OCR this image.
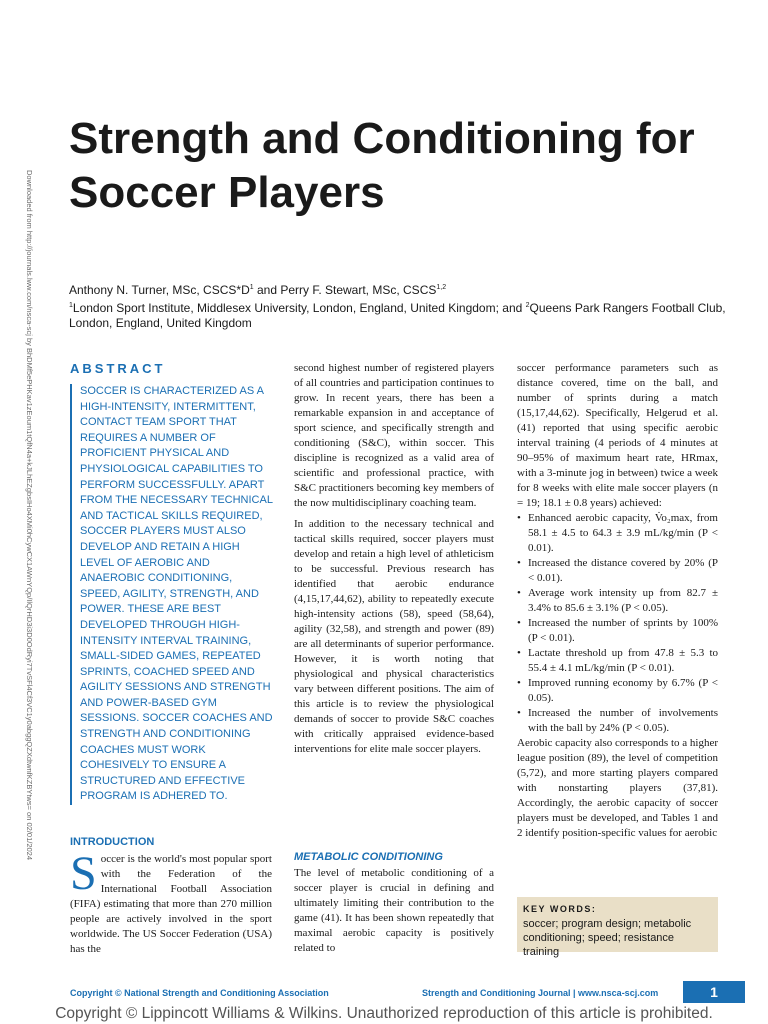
Downloaded from http://journals.lww.com/nsca-scj by BhDMf5ePHKav1zEoum1tQfN4a+kJLhEZgbsIHo4XMi0hCywCX1AWnYQp/IlQrHD3i3D0OdRyi7TvSFl4Cf3VC1y0abggQZXdtwnfKZBYtws= on 02/01/2024
Strength and Conditioning for Soccer Players
Anthony N. Turner, MSc, $CSCS*D^1$ and Perry F. Stewart, MSc, CSCS$^{1,2}$
$^1$London Sport Institute, Middlesex University, London, England, United Kingdom; and $^2$Queens Park Rangers Football Club, London, England, United Kingdom
ABSTRACT
SOCCER IS CHARACTERIZED AS A HIGH-INTENSITY, INTERMITTENT, CONTACT TEAM SPORT THAT REQUIRES A NUMBER OF PROFICIENT PHYSICAL AND PHYSIOLOGICAL CAPABILITIES TO PERFORM SUCCESSFULLY. APART FROM THE NECESSARY TECHNICAL AND TACTICAL SKILLS REQUIRED, SOCCER PLAYERS MUST ALSO DEVELOP AND RETAIN A HIGH LEVEL OF AEROBIC AND ANAEROBIC CONDITIONING, SPEED, AGILITY, STRENGTH, AND POWER. THESE ARE BEST DEVELOPED THROUGH HIGH-INTENSITY INTERVAL TRAINING, SMALL-SIDED GAMES, REPEATED SPRINTS, COACHED SPEED AND AGILITY SESSIONS AND STRENGTH AND POWER-BASED GYM SESSIONS. SOCCER COACHES AND STRENGTH AND CONDITIONING COACHES MUST WORK COHESIVELY TO ENSURE A STRUCTURED AND EFFECTIVE PROGRAM IS ADHERED TO.
INTRODUCTION
Soccer is the world's most popular sport with the Federation of the International Football Association (FIFA) estimating that more than 270 million people are actively involved in the sport worldwide. The US Soccer Federation (USA) has the

second highest number of registered players of all countries and participation continues to grow. In recent years, there has been a remarkable expansion in and acceptance of sport science, and specifically strength and conditioning (S&C), within soccer. This discipline is recognized as a valid area of scientific and professional practice, with S&C practitioners becoming key members of the now multidisciplinary coaching team.

In addition to the necessary technical and tactical skills required, soccer players must develop and retain a high level of athleticism to be successful. Previous research has identified that aerobic endurance (4,15,17,44,62), ability to repeatedly execute high-intensity actions (58), speed (58,64), agility (32,58), and strength and power (89) are all determinants of superior performance. However, it is worth noting that physiological and physical characteristics vary between different positions. The aim of this article is to review the physiological demands of soccer to provide S&C coaches with critically appraised evidence-based interventions for elite male soccer players.

METABOLIC CONDITIONING

The level of metabolic conditioning of a soccer player is crucial in defining and ultimately limiting their contribution to the game (41). It has been shown repeatedly that maximal aerobic capacity is positively related to

soccer performance parameters such as distance covered, time on the ball, and number of sprints during a match (15,17,44,62). Specifically, Helgerud et al. (41) reported that using specific aerobic interval training (4 periods of 4 minutes at 90–95% of maximum heart rate, HRmax, with a 3-minute jog in between) twice a week for 8 weeks with elite male soccer players (n = 19; 18.1 ± 0.8 years) achieved:
• Enhanced aerobic capacity, V̇o₂max, from 58.1 ± 4.5 to 64.3 ± 3.9 mL/kg/min (P < 0.01).
• Increased the distance covered by 20% (P < 0.01).
• Average work intensity up from 82.7 ± 3.4% to 85.6 ± 3.1% (P < 0.05).
• Increased the number of sprints by 100% (P < 0.01).
• Lactate threshold up from 47.8 ± 5.3 to 55.4 ± 4.1 mL/kg/min (P < 0.01).
• Improved running economy by 6.7% (P < 0.05).
• Increased the number of involvements with the ball by 24% (P < 0.05).
Aerobic capacity also corresponds to a higher league position (89), the level of competition (5,72), and more starting players compared with nonstarting players (37,81). Accordingly, the aerobic capacity of soccer players must be developed, and Tables 1 and 2 identify position-specific values for aerobic
KEY WORDS:
soccer; program design; metabolic conditioning; speed; resistance training
Copyright © National Strength and Conditioning Association	Strength and Conditioning Journal | www.nsca-scj.com	1
Copyright © Lippincott Williams & Wilkins. Unauthorized reproduction of this article is prohibited.
